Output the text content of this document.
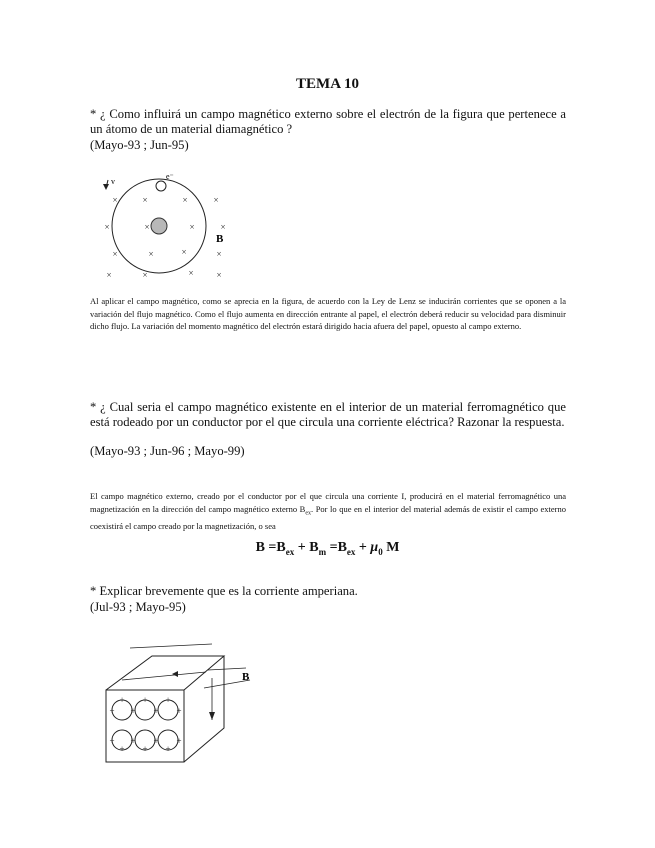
TEMA 10
* ¿ Como influirá un campo magnético externo sobre el electrón de la figura que pertenece a un átomo de un material diamagnético ?
(Mayo-93 ; Jun-95)
e⁻
v
B
×	×	×	×
×	×	×	×
×	×	×	×
×	×	×	×
Al aplicar el campo magnético, como se aprecia en la figura, de acuerdo con la Ley de Lenz se inducirán corrientes que se oponen a la variación del flujo magnético. Como el flujo aumenta en dirección entrante al papel, el electrón deberá reducir su velocidad para disminuir dicho flujo. La variación del momento magnético del electrón estará dirigido hacia afuera del papel, opuesto al campo externo.
* ¿ Cual seria el campo magnético existente en el interior de un material ferromagnético que está rodeado por un conductor por el que circula una corriente eléctrica? Razonar la respuesta.
(Mayo-93 ; Jun-96 ; Mayo-99)
El campo magnético externo, creado por el conductor por el que circula una corriente I, producirá en el material ferromagnético una magnetización en la dirección del campo magnético externo $B_{ex}$. Por lo que en el interior del material además de existir el campo externo coexistirá el campo creado por la magnetización, o sea
$B =B_{ex} + B_m =B_{ex} + \mu_0$ M
* Explicar brevemente que es la corriente amperiana.
(Jul-93 ; Mayo-95)
B
+ + + +
+ + + +
+ + +
+ + +
